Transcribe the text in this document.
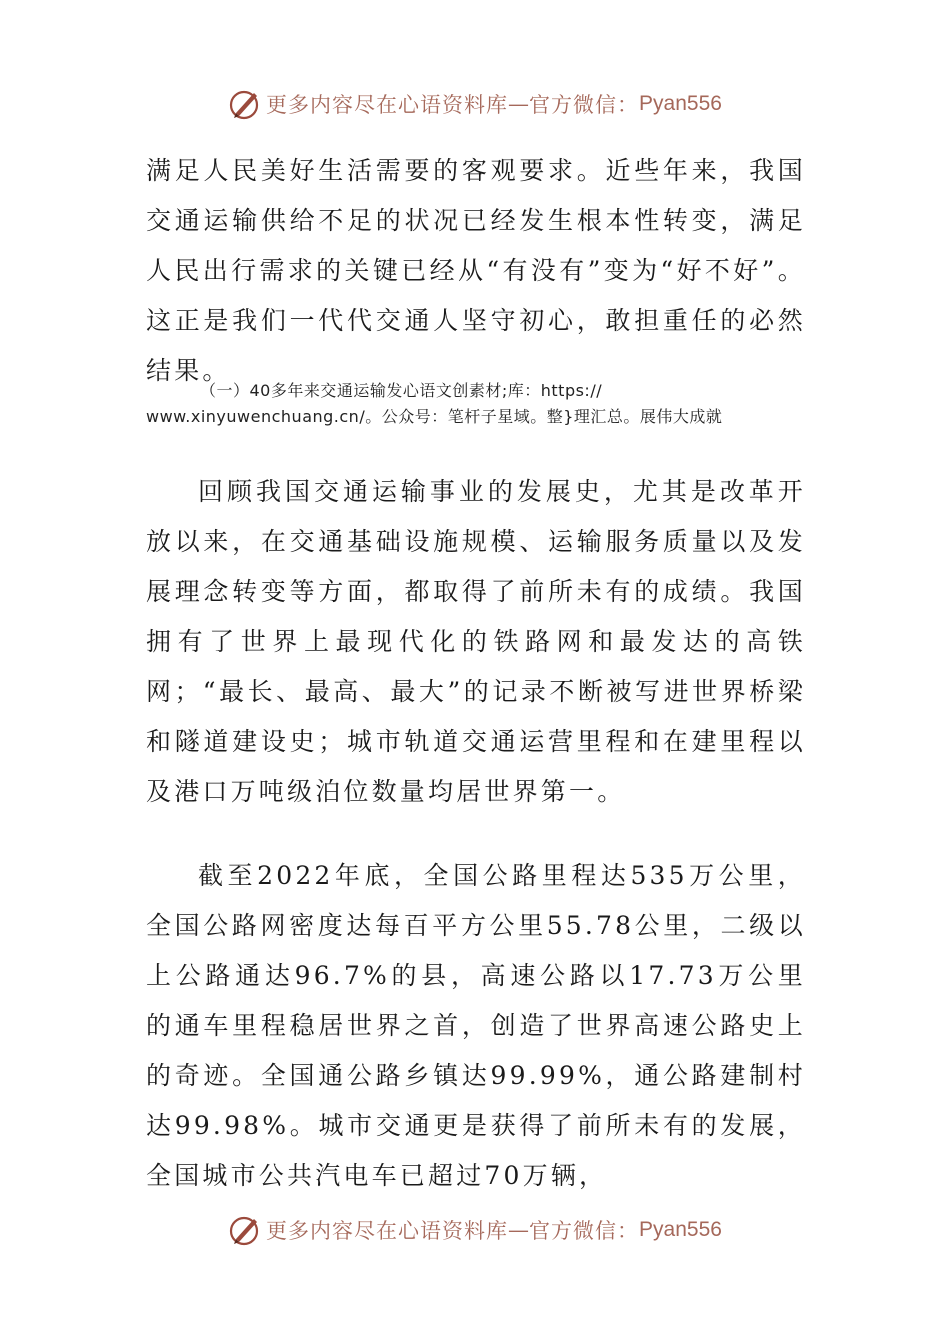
更多内容尽在心语资料库 — 官方微信： Pyan556

满足人民美好生活需要的客观要求。近些年来，我国交通运输供给不足的状况已经发生根本性转变，满足人民出行需求的关键已经从“有没有”变为“好不好”。这正是我们一代代交通人坚守初心，敢担重任的必然结果。

（一）40多年来交通运输发心语文创素材;库：https://
www.xinyuwenchuang.cn/。公众号：笔杆子星域。整}理汇总。展伟大成就

回顾我国交通运输事业的发展史，尤其是改革开放以来，在交通基础设施规模、运输服务质量以及发展理念转变等方面，都取得了前所未有的成绩。我国拥有了世界上最现代化的铁路网和最发达的高铁网；“最长、最高、最大”的记录不断被写进世界桥梁和隧道建设史；城市轨道交通运营里程和在建里程以及港口万吨级泊位数量均居世界第一。

截至2022年底，全国公路里程达535万公里，全国公路网密度达每百平方公里55.78公里，二级以上公路通达96.7%的县，高速公路以17.73万公里的通车里程稳居世界之首，创造了世界高速公路史上的奇迹。全国通公路乡镇达99.99%，通公路建制村达99.98%。城市交通更是获得了前所未有的发展，全国城市公共汽电车已超过70万辆，

更多内容尽在心语资料库 — 官方微信： Pyan556
